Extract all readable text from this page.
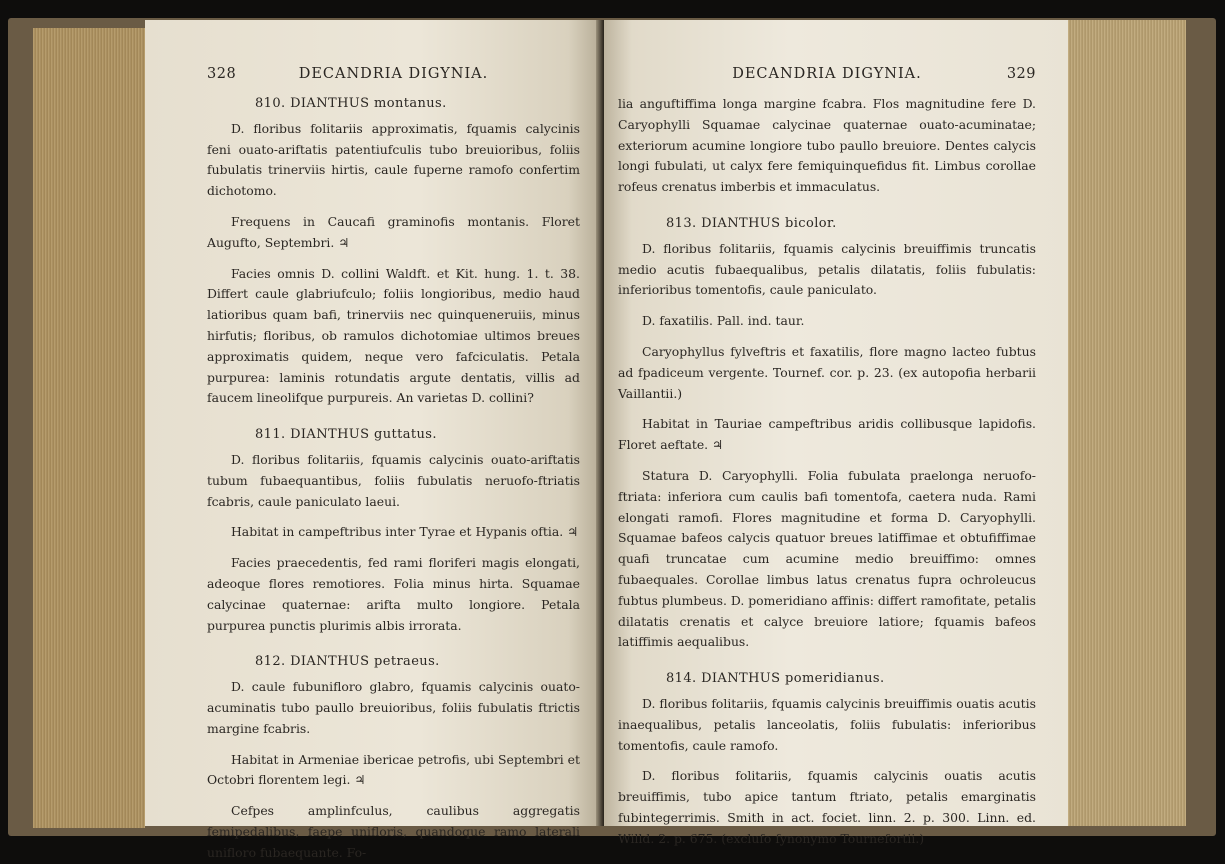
328	DECANDRIA DIGYNIA.

810. DIANTHUS montanus.

D. floribus folitariis approximatis, fquamis calycinis feni ouato-ariftatis patentiufculis tubo breuioribus, foliis fubulatis trinerviis hirtis, caule fuperne ramofo confertim dichotomo.

Frequens in Caucafi graminofis montanis. Floret Augufto, Septembri. ♃

Facies omnis D. collini Waldft. et Kit. hung. 1. t. 38. Differt caule glabriufculo; foliis longioribus, medio haud latioribus quam bafi, trinerviis nec quinqueneruiis, minus hirfutis; floribus, ob ramulos dichotomiae ultimos breues approximatis quidem, neque vero fafciculatis. Petala purpurea: laminis rotundatis argute dentatis, villis ad faucem lineolifque purpureis. An varietas D. collini?

811. DIANTHUS guttatus.

D. floribus folitariis, fquamis calycinis ouato-ariftatis tubum fubaequantibus, foliis fubulatis neruofo-ftriatis fcabris, caule paniculato laeui.

Habitat in campeftribus inter Tyrae et Hypanis oftia. ♃

Facies praecedentis, fed rami floriferi magis elongati, adeoque flores remotiores. Folia minus hirta. Squamae calycinae quaternae: arifta multo longiore. Petala purpurea punctis plurimis albis irrorata.

812. DIANTHUS petraeus.

D. caule fubunifloro glabro, fquamis calycinis ouato-acuminatis tubo paullo breuioribus, foliis fubulatis ftrictis margine fcabris.

Habitat in Armeniae ibericae petrofis, ubi Septembri et Octobri florentem legi. ♃

Cefpes amplinfculus, caulibus aggregatis femipedalibus, faepe unifloris, quandoque ramo laterali unifloro fubaequante. Fo-

DECANDRIA DIGYNIA.	329

lia anguftiffima longa margine fcabra. Flos magnitudine fere D. Caryophylli Squamae calycinae quaternae ouato-acuminatae; exteriorum acumine longiore tubo paullo breuiore. Dentes calycis longi fubulati, ut calyx fere femiquinquefidus fit. Limbus corollae rofeus crenatus imberbis et immaculatus.

813. DIANTHUS bicolor.

D. floribus folitariis, fquamis calycinis breuiffimis truncatis medio acutis fubaequalibus, petalis dilatatis, foliis fubulatis: inferioribus tomentofis, caule paniculato.

D. faxatilis. Pall. ind. taur.

Caryophyllus fylveftris et faxatilis, flore magno lacteo fubtus ad fpadiceum vergente. Tournef. cor. p. 23. (ex autopofia herbarii Vaillantii.)

Habitat in Tauriae campeftribus aridis collibusque lapidofis. Floret aeftate. ♃

Statura D. Caryophylli. Folia fubulata praelonga neruofo-ftriata: inferiora cum caulis bafi tomentofa, caetera nuda. Rami elongati ramofi. Flores magnitudine et forma D. Caryophylli. Squamae bafeos calycis quatuor breues latiffimae et obtufiffimae quafi truncatae cum acumine medio breuiffimo: omnes fubaequales. Corollae limbus latus crenatus fupra ochroleucus fubtus plumbeus. D. pomeridiano affinis: differt ramofitate, petalis dilatatis crenatis et calyce breuiore latiore; fquamis bafeos latiffimis aequalibus.

814. DIANTHUS pomeridianus.

D. floribus folitariis, fquamis calycinis breuiffimis ouatis acutis inaequalibus, petalis lanceolatis, foliis fubulatis: inferioribus tomentofis, caule ramofo.

D. floribus folitariis, fquamis calycinis ouatis acutis breuiffimis, tubo apice tantum ftriato, petalis emarginatis fubintegerrimis. Smith in act. fociet. linn. 2. p. 300. Linn. ed. Willd. 2. p. 675. (exclufo fynonymo Tournefortii.)
